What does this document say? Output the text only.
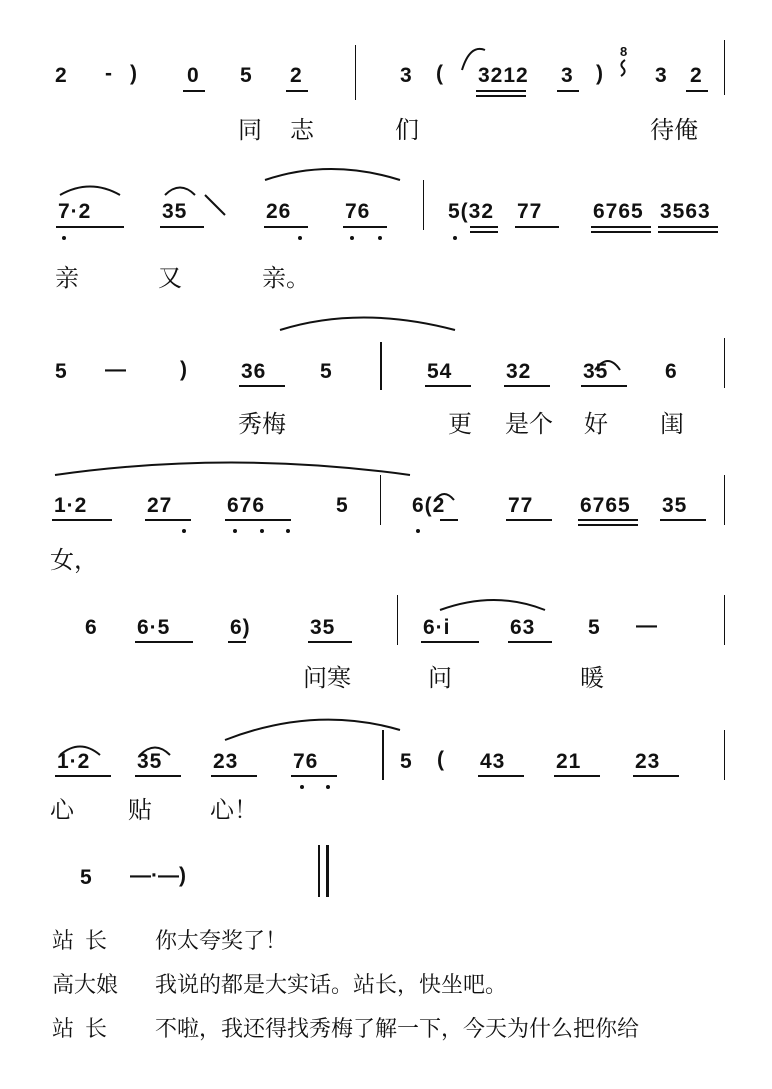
2 - ) 0 5 2	3 ( 3212 3 )
8
3 2
同 志	们	待俺
7·2	35	26	76	5(32 77 6765 3563
亲	又	亲。
5 —	)	36	5	54	32 35	6
秀梅	更 是个 好 闺
1·2	27	676	5	6(2	77 6765 35
女，
6 6·5	6)	35	6·i	63	5 —
问寒	问	暖
1·2 35 23	76	5 ( 43 21	23
心 贴 心！
5 —·—)
站 长	你太夸奖了！
高大娘 我说的都是大实话。站长，快坐吧。
站 长 不啦，我还得找秀梅了解一下，今天为什么把你给
